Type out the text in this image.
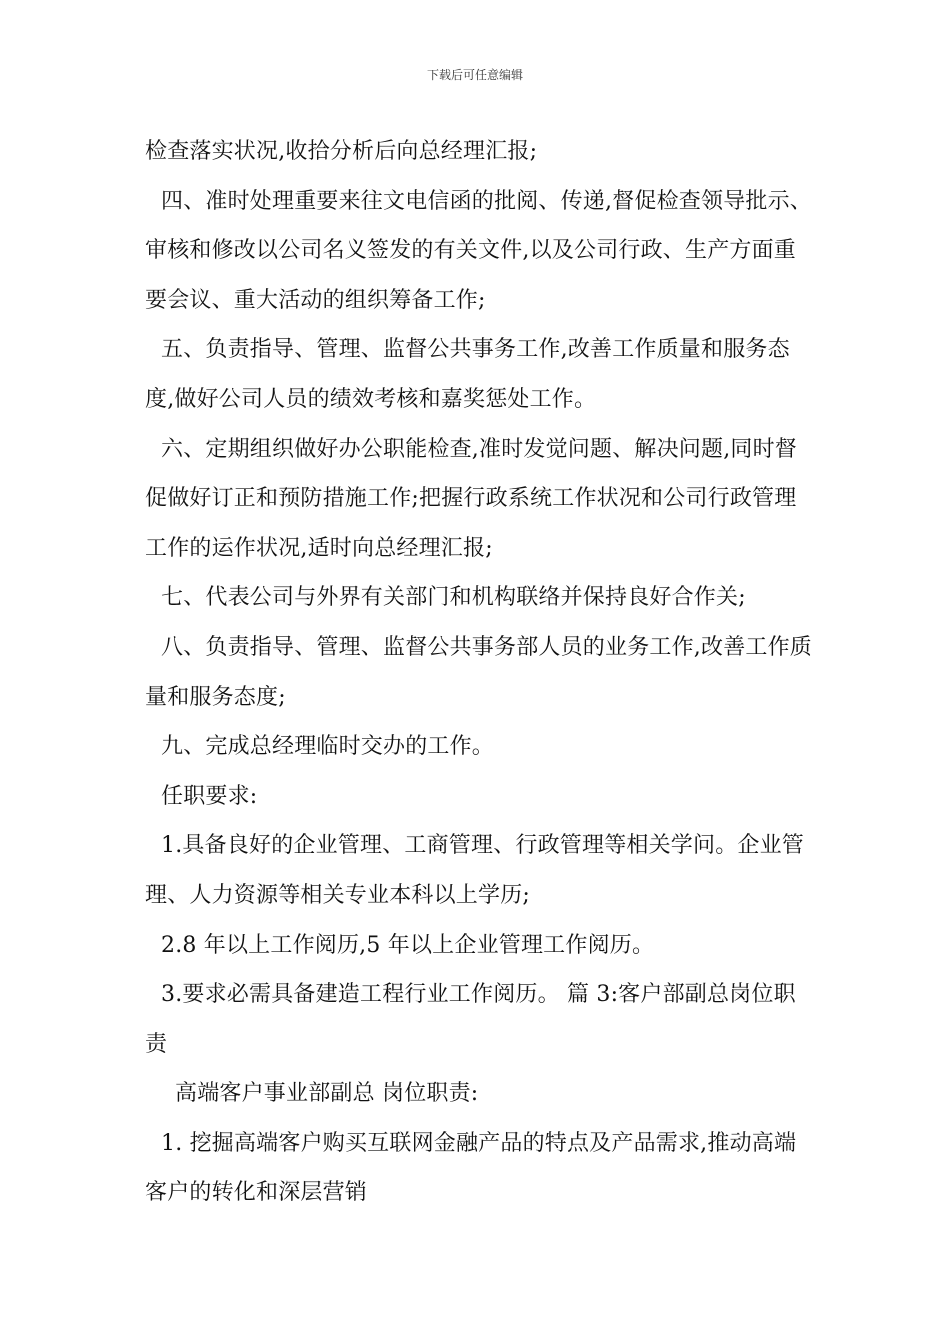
下载后可任意编辑

检查落实状况,收拾分析后向总经理汇报;

四、准时处理重要来往文电信函的批阅、传递,督促检查领导批示、审核和修改以公司名义签发的有关文件,以及公司行政、生产方面重要会议、重大活动的组织筹备工作;

五、负责指导、管理、监督公共事务工作,改善工作质量和服务态度,做好公司人员的绩效考核和嘉奖惩处工作。

六、定期组织做好办公职能检查,准时发觉问题、解决问题,同时督促做好订正和预防措施工作;把握行政系统工作状况和公司行政管理工作的运作状况,适时向总经理汇报;

七、代表公司与外界有关部门和机构联络并保持良好合作关;

八、负责指导、管理、监督公共事务部人员的业务工作,改善工作质量和服务态度;

九、完成总经理临时交办的工作。

任职要求:

1.具备良好的企业管理、工商管理、行政管理等相关学问。企业管理、人力资源等相关专业本科以上学历;

2.8 年以上工作阅历,5 年以上企业管理工作阅历。

3.要求必需具备建造工程行业工作阅历。 篇 3:客户部副总岗位职责

高端客户事业部副总 岗位职责:

1. 挖掘高端客户购买互联网金融产品的特点及产品需求,推动高端客户的转化和深层营销
